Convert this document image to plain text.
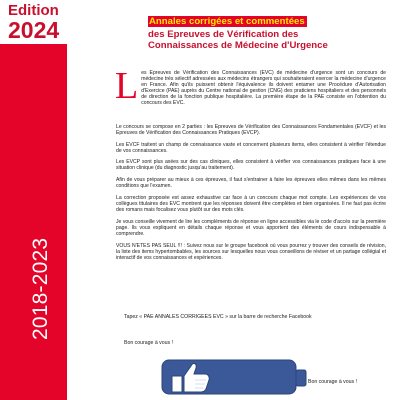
Edition
2024
2018-2023
Annales corrigées et commentées
des Epreuves de Vérification des
Connaissances de Médecine d'Urgence

Les Epreuves de Vérification des Connaissances (EVC) de médecine d'urgence sont un concours de médecine très sélectif adressées aux médecins étrangers qui souhaiteraient exercer la médecine d'urgence en France. Afin qu'ils puissent obtenir l'équivalence ils doivent entamer une Procédure d'Autorisation d'Exercice (PAE) auprès du Centre national de gestion (CNG) des praticiens hospitaliers et des personnels de direction de la fonction publique hospitalière. La première étape de la PAE consiste en l'obtention du concours des EVC.

Le concours se compose en 2 parties : les Epreuves de Vérification des Connaissances Fondamentales (EVCF) et les Epreuves de Vérification des Connaissances Pratiques (EVCP).

Les EVCF traitent un champ de connaissance vaste et concernent plusieurs items, elles consistent à vérifier l'étendue de vos connaissances.

Les EVCP sont plus axées sur des cas cliniques, elles consistent à vérifier vos connaissances pratiques face à une situation clinique (du diagnostic jusqu'au traitement).

Afin de vous préparer au mieux à ces épreuves, il faut s'entrainer à faire les épreuves elles mêmes dans les mêmes conditions que l'examen.

La correction proposée est assez exhaustive car face à un concours chaque mot compte. Les expériences de vos collègues titulaires des EVC montrent que les réponses doivent être complètes et bien organisées. Il ne faut pas écrire des romans mais focalisez vous plutôt sur des mots clés.

Je vous conseille vivement de lire les compléments de réponse en ligne accessibles via le code d'accès sur la première page. Ils vous expliquent en détails chaque réponse et vous apportent des éléments de cours indispensable à comprendre.

VOUS N'ETES PAS SEUL !!! : Suivez nous sur le groupe facebook où vous pourrez y trouver des conseils de révision, la liste des items hypertombables, les sources sur lesquelles nous vous conseillons de réviser et un partage collégial et interactif de vos connaissances et expériences.

Tapez « PAE ANNALES CORRIGEES EVC » sur la barre de recherche Facebook
Bon courage à vous !
Bon courage à vous !
